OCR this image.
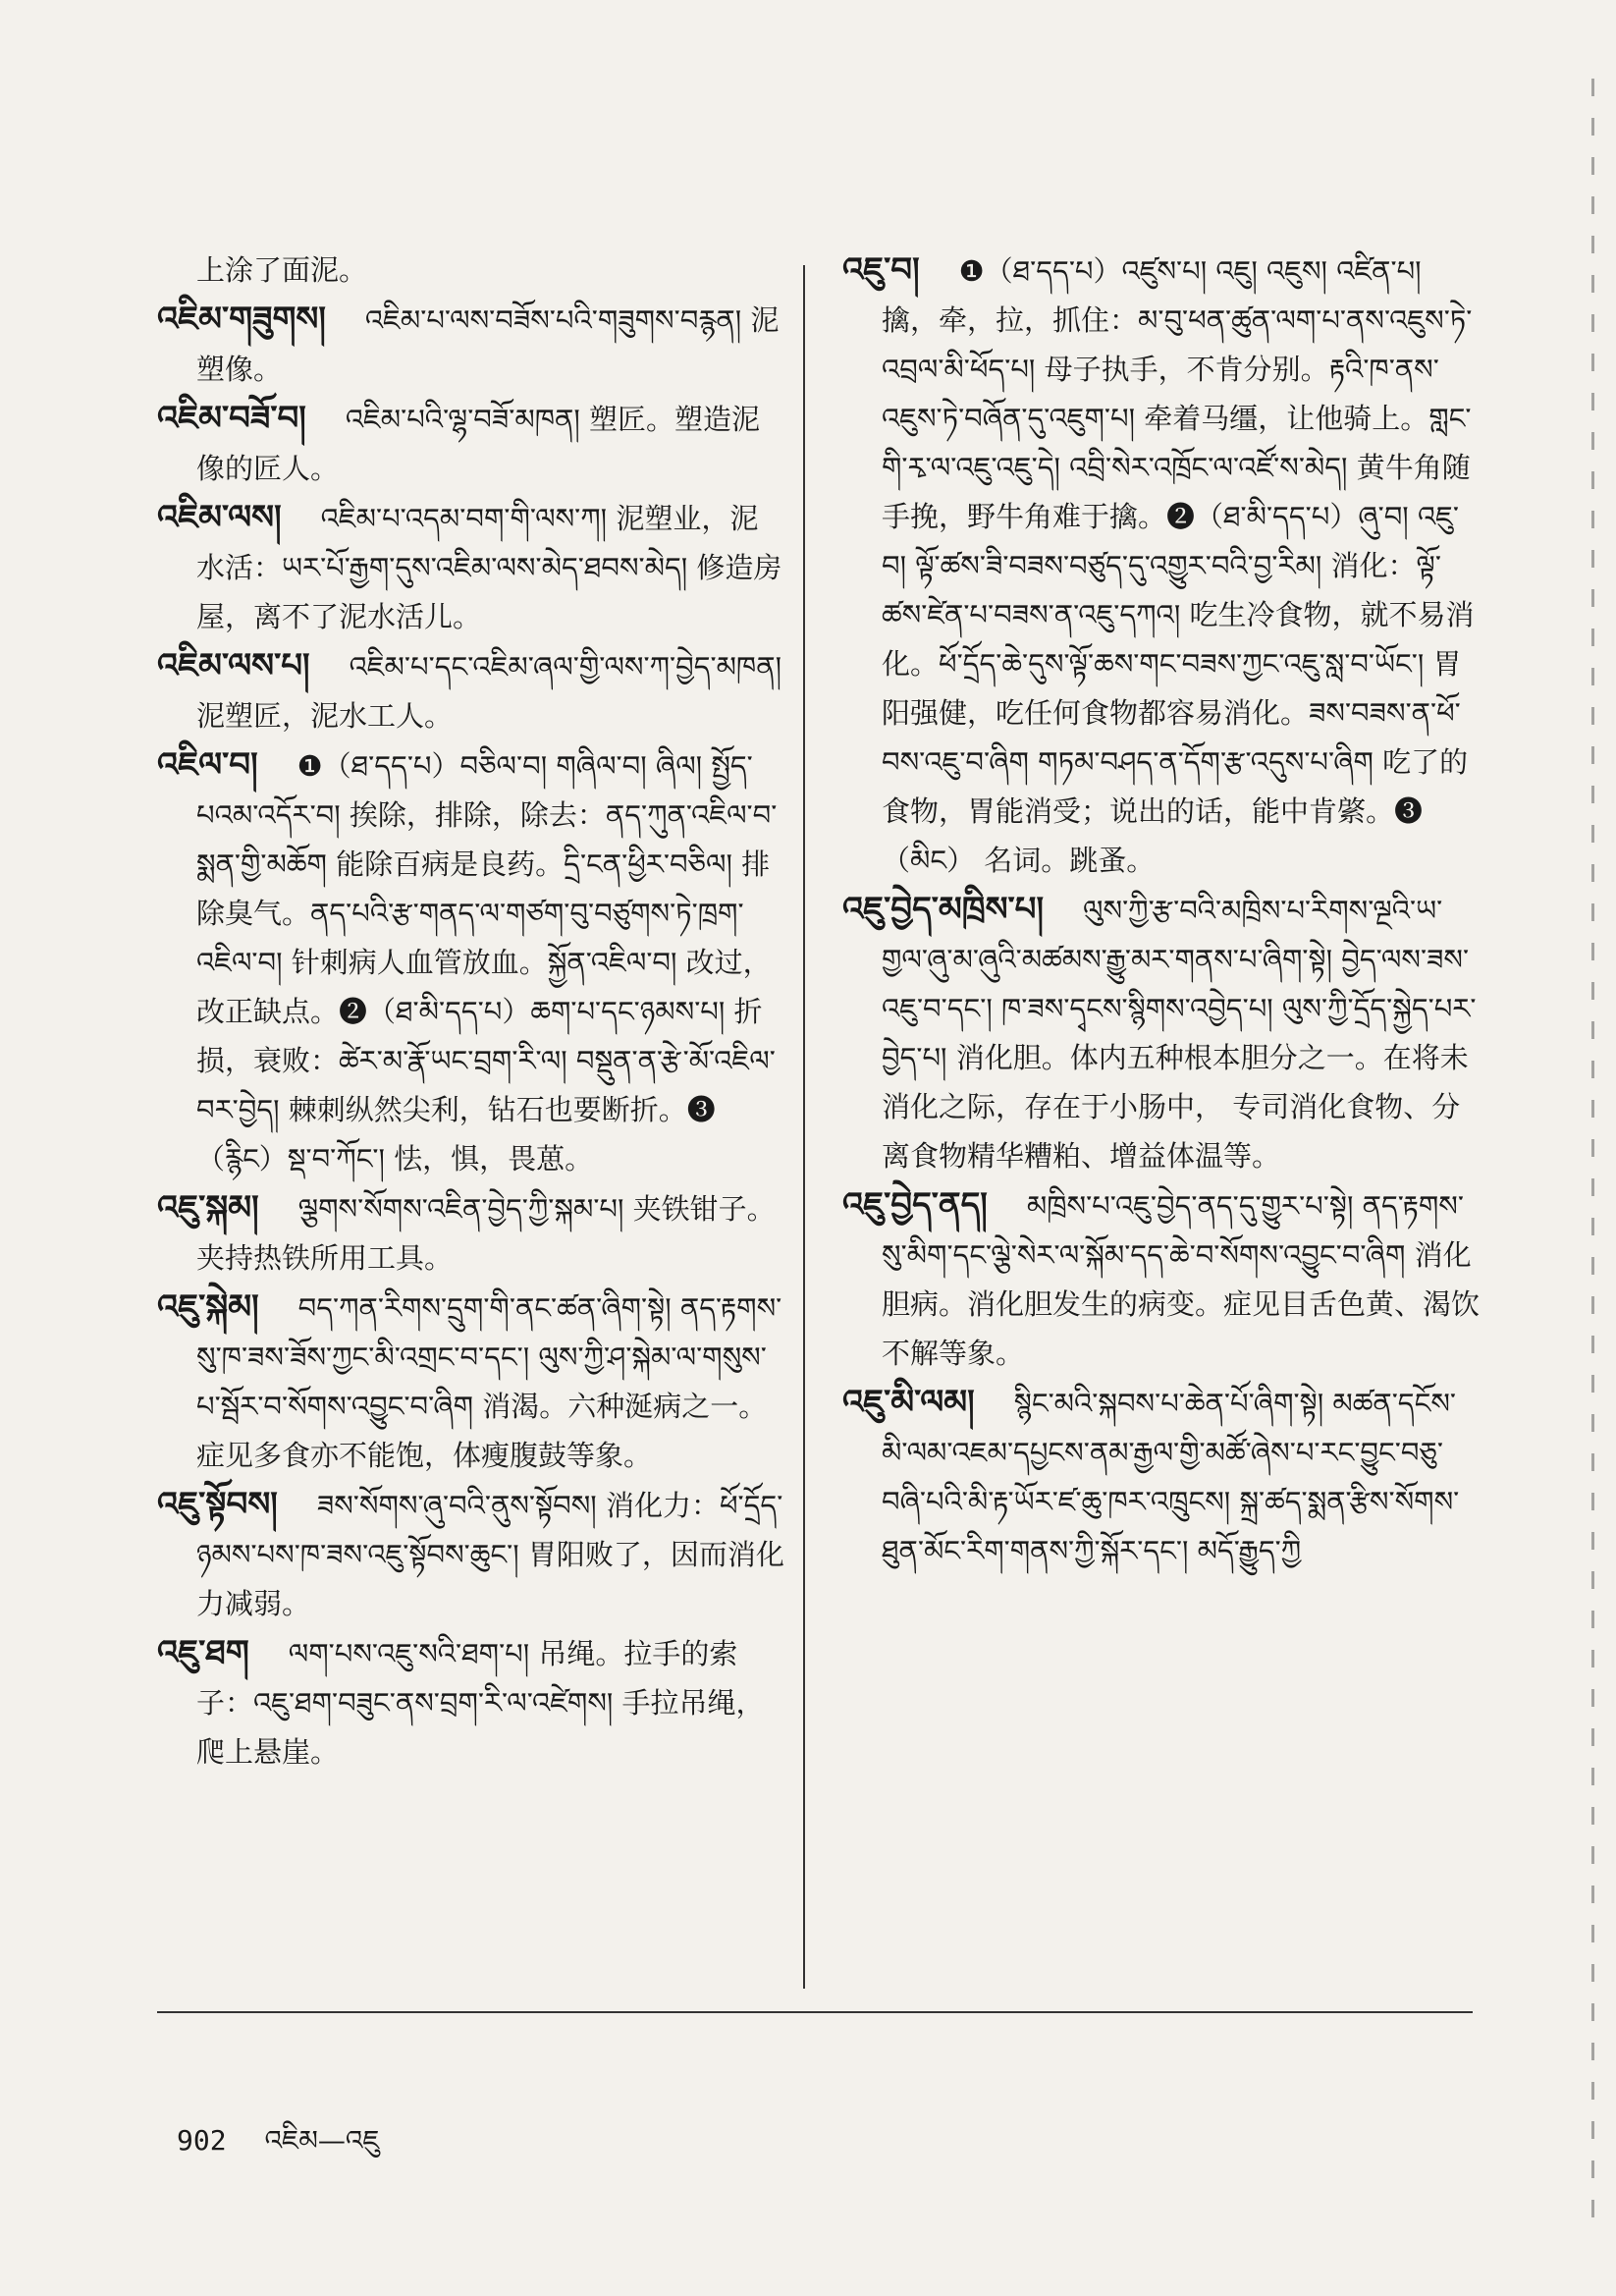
上涂了面泥。
འཇིམ་གཟུགས། འཇིམ་པ་ལས་བཟོས་པའི་གཟུགས་བརྙན། 泥塑像。
འཇིམ་བཟོ་བ། འཇིམ་པའི་ལྷ་བཟོ་མཁན། 塑匠。塑造泥像的匠人。
འཇིམ་ལས། འཇིམ་པ་འདམ་བག་གི་ལས་ཀ། 泥塑业，泥水活：ཡར་པོ་རྒྱག་དུས་འཇིམ་ལས་མེད་ཐབས་མེད། 修造房屋，离不了泥水活儿。
འཇིམ་ལས་པ། འཇིམ་པ་དང་འཇིམ་ཞལ་གྱི་ལས་ཀ་བྱེད་མཁན། 泥塑匠，泥水工人。
འཇིལ་བ། ❶（ཐ་དད་པ）བཅིལ་བ། གཞིལ་བ། ཞིལ། སྤྱོད་པའམ་འདོར་བ། 挨除，排除，除去：ནད་ཀུན་འཇིལ་བ་སྨན་གྱི་མཆོག 能除百病是良药。དྲི་ངན་ཕྱིར་བཅིལ། 排除臭气。ནད་པའི་རྩ་གནད་ལ་གཙག་བུ་བཙུགས་ཏེ་ཁྲག་འཇིལ་བ། 针刺病人血管放血。སྐྱོན་འཇིལ་བ། 改过，改正缺点。❷（ཐ་མི་དད་པ）ཆག་པ་དང་ཉམས་པ། 折损，衰败：ཚེར་མ་རྣོ་ཡང་བྲག་རི་ལ། བསྡུན་ན་རྩེ་མོ་འཇིལ་བར་བྱེད། 棘刺纵然尖利，钻石也要断折。❸（རྙིང）སྡ་བ་ཀོང་། 怯，惧，畏葸。
འཇུ་སྐམ། ལྕགས་སོགས་འཇིན་བྱེད་ཀྱི་སྐམ་པ། 夹铁钳子。夹持热铁所用工具。
འཇུ་སྐེམ། བད་ཀན་རིགས་དྲུག་གི་ནང་ཚན་ཞིག་སྟེ། ནད་རྟགས་སུ་ཁ་ཟས་ཟོས་ཀྱང་མི་འགྲང་བ་དང་། ལུས་ཀྱི་ཤ་སྐེམ་ལ་གསུས་པ་སྦོར་བ་སོགས་འབྱུང་བ་ཞིག 消渴。六种涎病之一。症见多食亦不能饱，体瘦腹鼓等象。
འཇུ་སྟོབས། ཟས་སོགས་ཞུ་བའི་ནུས་སྟོབས། 消化力：ཕོ་དྲོད་ཉམས་པས་ཁ་ཟས་འཇུ་སྟོབས་ཆུང་། 胃阳败了，因而消化力减弱。
འཇུ་ཐག ལག་པས་འཇུ་སའི་ཐག་པ། 吊绳。拉手的索子：འཇུ་ཐག་བཟུང་ནས་བྲག་རི་ལ་འཛེགས། 手拉吊绳，爬上悬崖。
འཇུ་བ། ❶（ཐ་དད་པ）འཛུས་པ། འཇུ། འཇུས། འཛིན་པ། 擒，牵，拉，抓住：མ་བུ་ཕན་ཚུན་ལག་པ་ནས་འཇུས་ཏེ་འབྲལ་མི་ཕོད་པ། 母子执手，不肯分别。རྟའི་ཁ་ནས་འཇུས་ཏེ་བཞོན་དུ་འཇུག་པ། 牵着马缰，让他骑上。གླང་གི་རྭ་ལ་འཇུ་འཇུ་དེ། འབྲི་སེར་འཁྲོང་ལ་འཛོ་ས་མེད། 黄牛角随手挽，野牛角难于擒。❷（ཐ་མི་དད་པ）ཞུ་བ། འཇུ་བ། ལྟོ་ཚས་ཟི་བཟས་བཙུད་དུ་འགྱུར་བའི་བྱ་རིམ། 消化：ལྟོ་ཚས་ཛེན་པ་བཟས་ན་འཇུ་དཀའ། 吃生冷食物，就不易消化。ཕོ་དྲོད་ཆེ་དུས་ལྟོ་ཆས་གང་བཟས་ཀྱང་འཇུ་སླ་བ་ཡོང་། 胃阳强健，吃任何食物都容易消化。ཟས་བཟས་ན་ཕོ་བས་འཇུ་བ་ཞིག གཏམ་བཤད་ན་དོག་རྩ་འདུས་པ་ཞིག 吃了的食物，胃能消受；说出的话，能中肯綮。❸（མིང） 名词。跳蚤。
འཇུ་བྱེད་མཁྲིས་པ། ལུས་ཀྱི་རྩ་བའི་མཁྲིས་པ་རིགས་ལྔའི་ཡ་གྱལ་ཞུ་མ་ཞུའི་མཚམས་རྒྱུ་མར་གནས་པ་ཞིག་སྟེ། བྱེད་ལས་ཟས་འཇུ་བ་དང་། ཁ་ཟས་དྭངས་སྙིགས་འབྱེད་པ། ལུས་ཀྱི་དྲོད་སྐྱེད་པར་བྱེད་པ། 消化胆。体内五种根本胆分之一。在将未消化之际，存在于小肠中， 专司消化食物、分离食物精华糟粕、增益体温等。
འཇུ་བྱེད་ནད། མཁྲིས་པ་འཇུ་བྱེད་ནད་དུ་གྱུར་པ་སྟེ། ནད་རྟགས་སུ་མིག་དང་ལྕེ་སེར་ལ་སྐོམ་དད་ཆེ་བ་སོགས་འབྱུང་བ་ཞིག 消化胆病。消化胆发生的病变。症见目舌色黄、渴饮不解等象。
འཇུ་མི་ལམ། སྙིང་མའི་སྐབས་པ་ཆེན་པོ་ཞིག་སྟེ། མཚན་དངོས་མི་ལམ་འཇམ་དཔྱངས་ནམ་རྒྱལ་གྱི་མཚོ་ཞེས་པ་རང་བྱུང་བཅུ་བཞི་པའི་མི་རྟ་ཡོར་ཛ་ཆུ་ཁར་འཁྲུངས། སྐྲ་ཚད་སྨན་རྩིས་སོགས་ཐུན་མོང་རིག་གནས་ཀྱི་སྐོར་དང་། མདོ་རྒྱུད་ཀྱི
902 འཇིམ—འཇུ
